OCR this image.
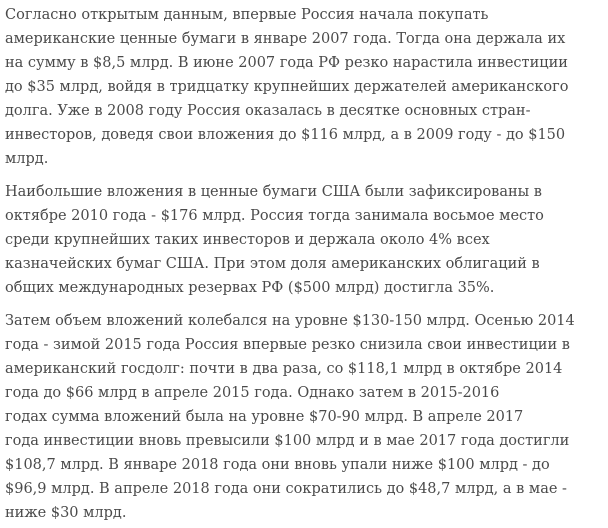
Согласно открытым данным, впервые Россия начала покупать
американские ценные бумаги в январе 2007 года. Тогда она держала их
на сумму в $8,5 млрд. В июне 2007 года РФ резко нарастила инвестиции
до $35 млрд, войдя в тридцатку крупнейших держателей американского
долга. Уже в 2008 году Россия оказалась в десятке основных стран-
инвесторов, доведя свои вложения до $116 млрд, а в 2009 году - до $150
млрд.

Наибольшие вложения в ценные бумаги США были зафиксированы в
октябре 2010 года - $176 млрд. Россия тогда занимала восьмое место
среди крупнейших таких инвесторов и держала около 4% всех
казначейских бумаг США. При этом доля американских облигаций в
общих международных резервах РФ ($500 млрд) достигла 35%.

Затем объем вложений колебался на уровне $130-150 млрд. Осенью 2014
года - зимой 2015 года Россия впервые резко снизила свои инвестиции в
американский госдолг: почти в два раза, со $118,1 млрд в октябре 2014
года до $66 млрд в апреле 2015 года. Однако затем в 2015-2016
годах сумма вложений была на уровне $70-90 млрд. В апреле 2017
года инвестиции вновь превысили $100 млрд и в мае 2017 года достигли
$108,7 млрд. В январе 2018 года они вновь упали ниже $100 млрд - до
$96,9 млрд. В апреле 2018 года они сократились до $48,7 млрд, а в мае -
ниже $30 млрд.
